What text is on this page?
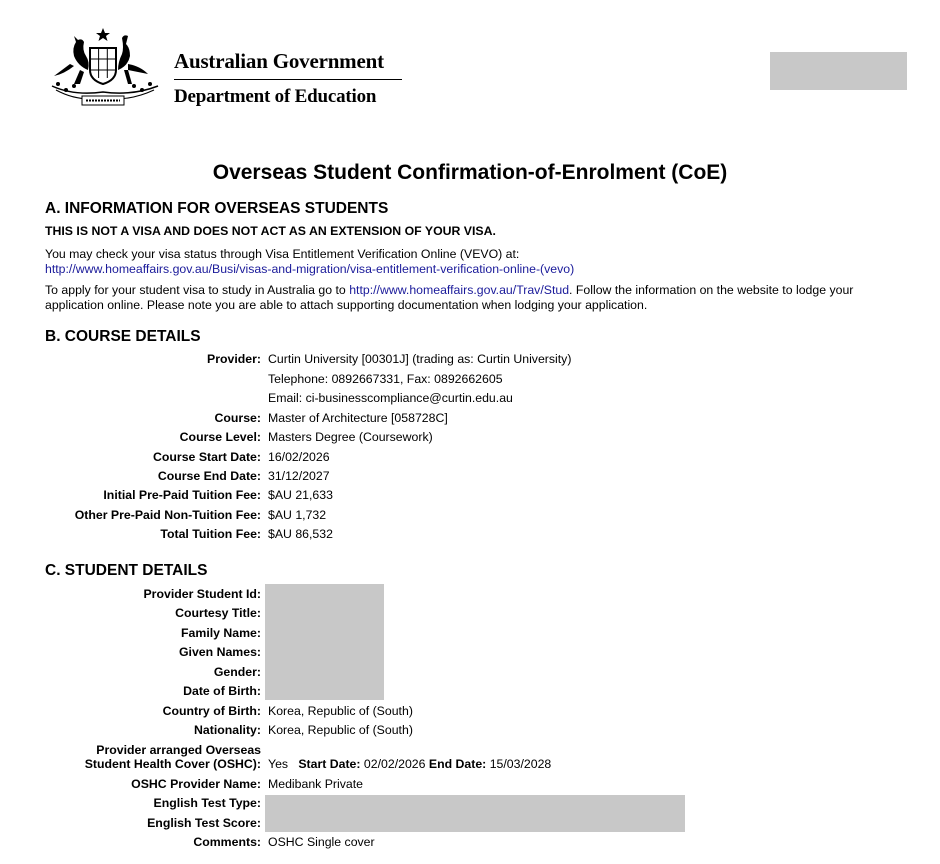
Australian Government
Department of Education
Overseas Student Confirmation-of-Enrolment (CoE)
A. INFORMATION FOR OVERSEAS STUDENTS
THIS IS NOT A VISA AND DOES NOT ACT AS AN EXTENSION OF YOUR VISA.
You may check your visa status through Visa Entitlement Verification Online (VEVO) at:
http://www.homeaffairs.gov.au/Busi/visas-and-migration/visa-entitlement-verification-online-(vevo)
To apply for your student visa to study in Australia go to http://www.homeaffairs.gov.au/Trav/Stud. Follow the information on the website to lodge your application online. Please note you are able to attach supporting documentation when lodging your application.
B. COURSE DETAILS
Provider: Curtin University [00301J] (trading as: Curtin University)
Telephone: 0892667331, Fax: 0892662605
Email: ci-businesscompliance@curtin.edu.au
Course: Master of Architecture [058728C]
Course Level: Masters Degree (Coursework)
Course Start Date: 16/02/2026
Course End Date: 31/12/2027
Initial Pre-Paid Tuition Fee: $AU 21,633
Other Pre-Paid Non-Tuition Fee: $AU 1,732
Total Tuition Fee: $AU 86,532
C. STUDENT DETAILS
Provider Student Id:
Courtesy Title:
Family Name:
Given Names:
Gender:
Date of Birth:
Country of Birth: Korea, Republic of (South)
Nationality: Korea, Republic of (South)
Provider arranged Overseas
Student Health Cover (OSHC): Yes Start Date: 02/02/2026 End Date: 15/03/2028
OSHC Provider Name: Medibank Private
English Test Type:
English Test Score:
Comments: OSHC Single cover
